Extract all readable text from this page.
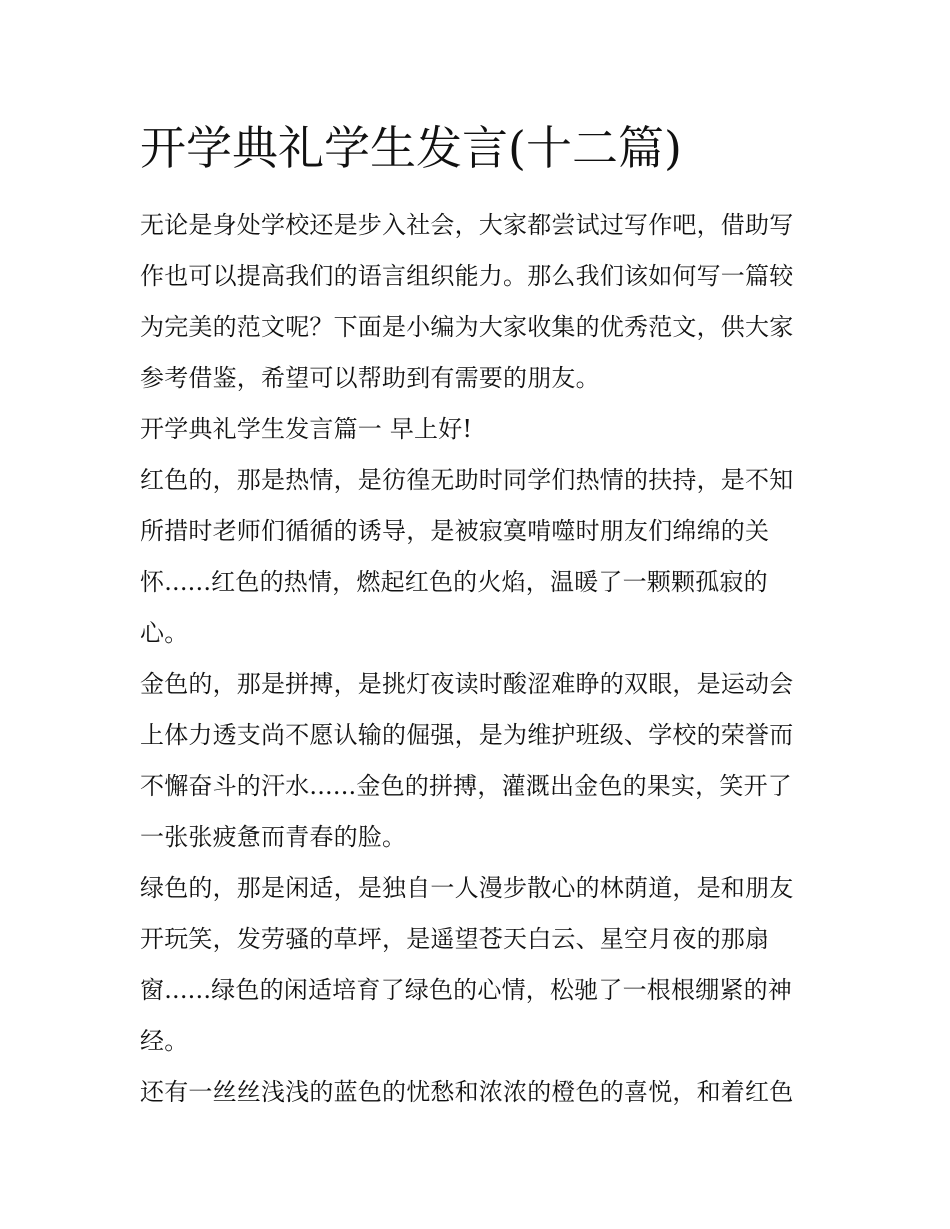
开学典礼学生发言(十二篇)
无论是身处学校还是步入社会，大家都尝试过写作吧，借助写
作也可以提高我们的语言组织能力。那么我们该如何写一篇较
为完美的范文呢？下面是小编为大家收集的优秀范文，供大家
参考借鉴，希望可以帮助到有需要的朋友。
开学典礼学生发言篇一 早上好!
红色的，那是热情，是彷徨无助时同学们热情的扶持，是不知
所措时老师们循循的诱导，是被寂寞啃噬时朋友们绵绵的关
怀......红色的热情，燃起红色的火焰，温暖了一颗颗孤寂的
心。
金色的，那是拼搏，是挑灯夜读时酸涩难睁的双眼，是运动会
上体力透支尚不愿认输的倔强，是为维护班级、学校的荣誉而
不懈奋斗的汗水......金色的拼搏，灌溉出金色的果实，笑开了
一张张疲惫而青春的脸。
绿色的，那是闲适，是独自一人漫步散心的林荫道，是和朋友
开玩笑，发劳骚的草坪，是遥望苍天白云、星空月夜的那扇
窗......绿色的闲适培育了绿色的心情，松驰了一根根绷紧的神
经。
还有一丝丝浅浅的蓝色的忧愁和浓浓的橙色的喜悦，和着红色
